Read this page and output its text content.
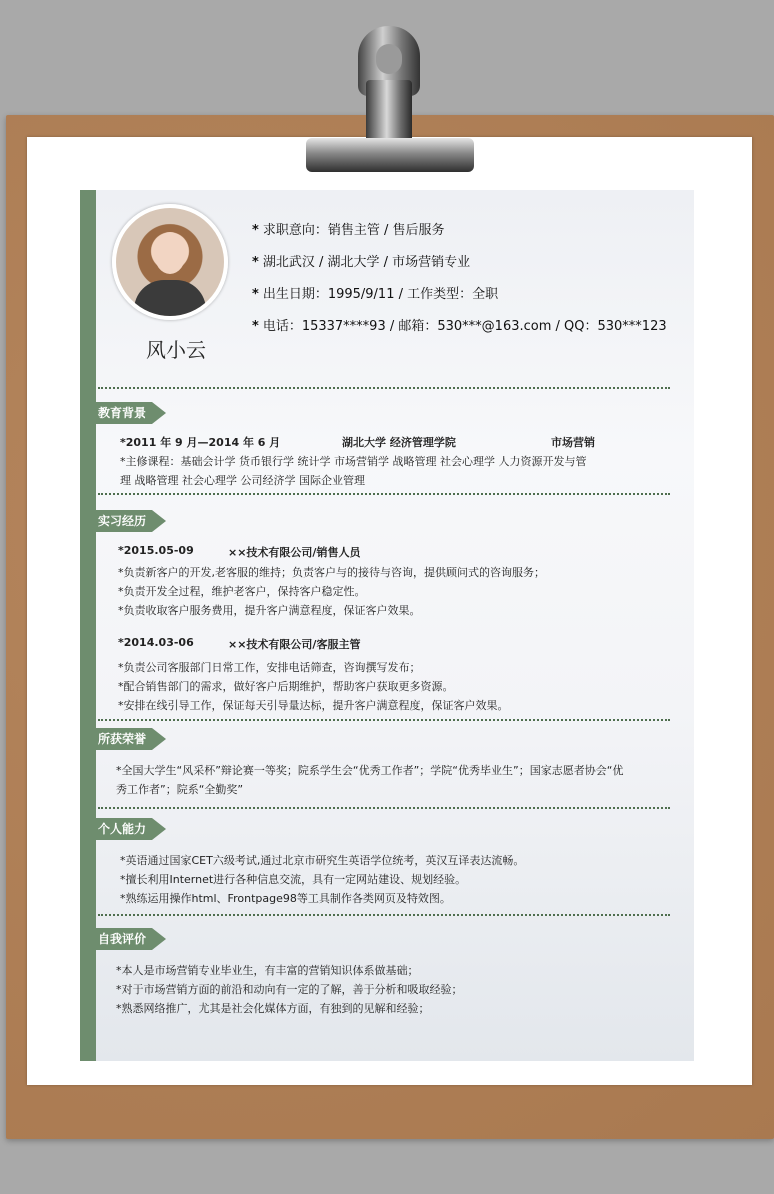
风小云
* 求职意向：销售主管 / 售后服务
* 湖北武汉 / 湖北大学 / 市场营销专业
* 出生日期：1995/9/11 / 工作类型：全职
* 电话：15337****93 / 邮箱：530***@163.com / QQ：530***123
教育背景
*2011 年 9 月—2014 年 6 月	湖北大学 经济管理学院	市场营销
*主修课程：基础会计学 货币银行学 统计学 市场营销学 战略管理 社会心理学 人力资源开发与管
理 战略管理 社会心理学 公司经济学 国际企业管理
实习经历
*2015.05-09	××技术有限公司/销售人员
*负责新客户的开发,老客服的维持；负责客户与的接待与咨询，提供顾问式的咨询服务；
*负责开发全过程，维护老客户，保持客户稳定性。
*负责收取客户服务费用，提升客户满意程度，保证客户效果。
*2014.03-06	××技术有限公司/客服主管
*负责公司客服部门日常工作，安排电话筛查，咨询撰写发布；
*配合销售部门的需求，做好客户后期维护，帮助客户获取更多资源。
*安排在线引导工作，保证每天引导量达标，提升客户满意程度，保证客户效果。
所获荣誉
*全国大学生“风采杯”辩论赛一等奖；院系学生会“优秀工作者”；学院“优秀毕业生”；国家志愿者协会“优
秀工作者”；院系“全勤奖”
个人能力
*英语通过国家CET六级考试,通过北京市研究生英语学位统考，英汉互译表达流畅。
*擅长利用Internet进行各种信息交流，具有一定网站建设、规划经验。
*熟练运用操作html、Frontpage98等工具制作各类网页及特效图。
自我评价
*本人是市场营销专业毕业生，有丰富的营销知识体系做基础；
*对于市场营销方面的前沿和动向有一定的了解，善于分析和吸取经验；
*熟悉网络推广，尤其是社会化媒体方面，有独到的见解和经验；
